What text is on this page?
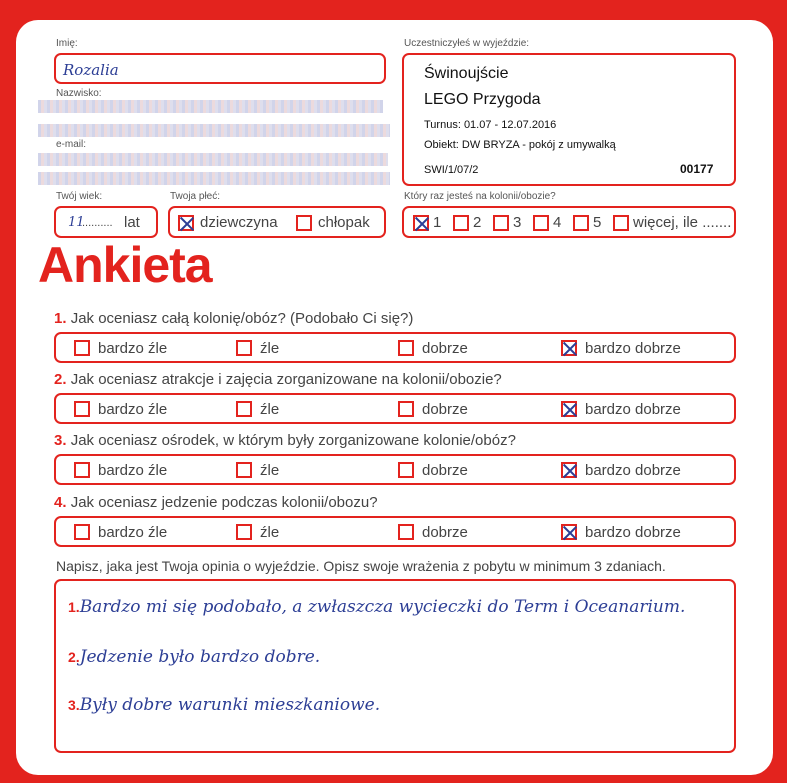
Imię:
Rozalia
Nazwisko:
e-mail:
Twój wiek:
11
.......... lat
Twoja płeć:
dziewczyna	chłopak
Uczestniczyłeś w wyjeździe:
Świnoujście
LEGO Przygoda
Turnus: 01.07 - 12.07.2016
Obiekt: DW BRYZA - pokój z umywalką
SWI/1/07/2	00177
Który raz jesteś na kolonii/obozie?
1 2 3 4 5 więcej, ile .......
Ankieta
1. Jak oceniasz całą kolonię/obóz? (Podobało Ci się?)
bardzo źle	źle	dobrze	bardzo dobrze
2. Jak oceniasz atrakcje i zajęcia zorganizowane na kolonii/obozie?
bardzo źle	źle	dobrze	bardzo dobrze
3. Jak oceniasz ośrodek, w którym były zorganizowane kolonie/obóz?
bardzo źle	źle	dobrze	bardzo dobrze
4. Jak oceniasz jedzenie podczas kolonii/obozu?
bardzo źle	źle	dobrze	bardzo dobrze
Napisz, jaka jest Twoja opinia o wyjeździe. Opisz swoje wrażenia z pobytu w minimum 3 zdaniach.
1.Bardzo mi się podobało, a zwłaszcza wycieczki do Term i Oceanarium.
2.Jedzenie było bardzo dobre.
3.Były dobre warunki mieszkaniowe.
